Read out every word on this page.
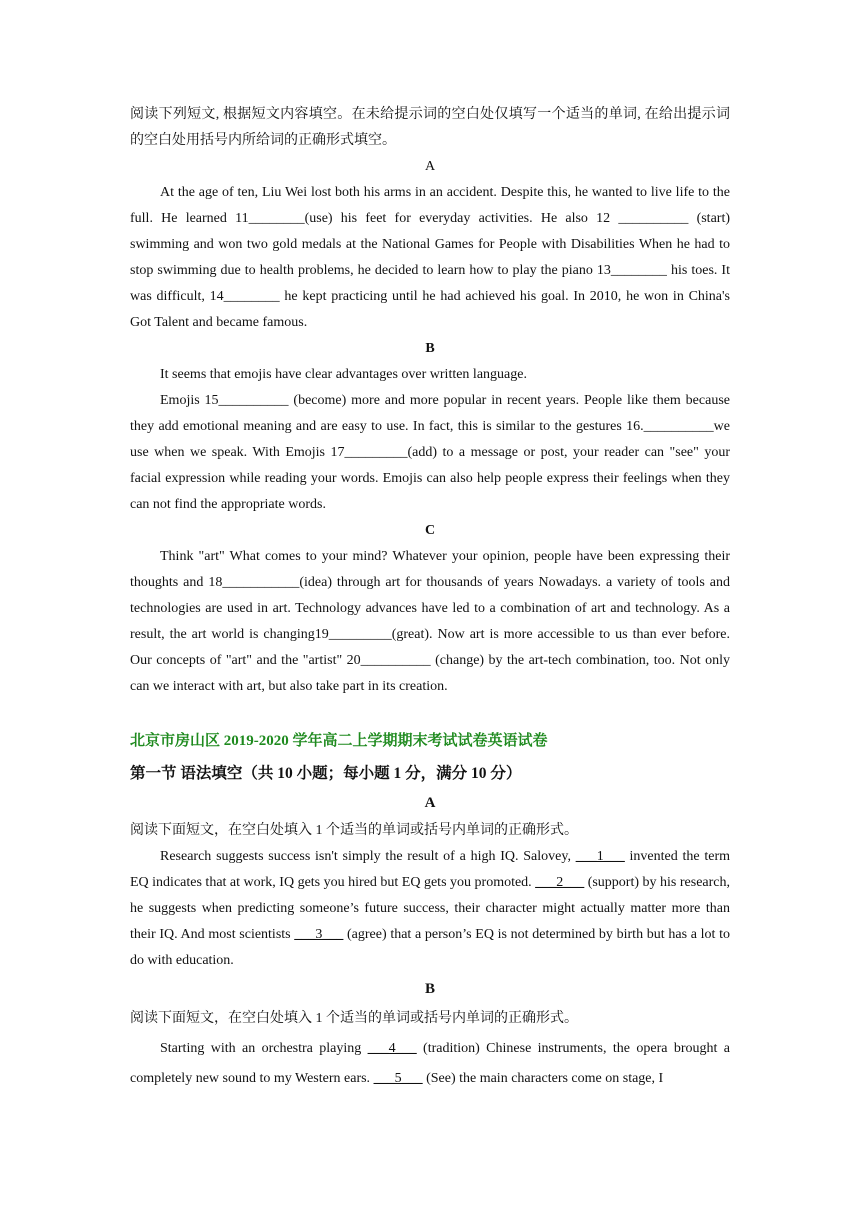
阅读下列短文, 根据短文内容填空。在未给提示词的空白处仅填写一个适当的单词, 在给出提示词的空白处用括号内所给词的正确形式填空。

A

At the age of ten, Liu Wei lost both his arms in an accident. Despite this, he wanted to live life to the full. He learned 11________(use) his feet for everyday activities. He also 12 __________ (start) swimming and won two gold medals at the National Games for People with Disabilities When he had to stop swimming due to health problems, he decided to learn how to play the piano 13________ his toes. It was difficult, 14________ he kept practicing until he had achieved his goal. In 2010, he won in China's Got Talent and became famous.

B

It seems that emojis have clear advantages over written language.

Emojis 15__________ (become) more and more popular in recent years. People like them because they add emotional meaning and are easy to use. In fact, this is similar to the gestures 16.__________we use when we speak. With Emojis 17_________(add) to a message or post, your reader can "see" your facial expression while reading your words. Emojis can also help people express their feelings when they can not find the appropriate words.

C

Think "art" What comes to your mind? Whatever your opinion, people have been expressing their thoughts and 18___________(idea) through art for thousands of years Nowadays. a variety of tools and technologies are used in art. Technology advances have led to a combination of art and technology. As a result, the art world is changing19_________(great). Now art is more accessible to us than ever before. Our concepts of "art" and the "artist" 20__________ (change) by the art-tech combination, too. Not only can we interact with art, but also take part in its creation.

北京市房山区 2019-2020 学年高二上学期期末考试试卷英语试卷
第一节 语法填空（共 10 小题；每小题 1 分，满分 10 分）
A

阅读下面短文，在空白处填入 1 个适当的单词或括号内单词的正确形式。

Research suggests success isn't simply the result of a high IQ. Salovey, ___1___ invented the term EQ indicates that at work, IQ gets you hired but EQ gets you promoted. ___2___ (support) by his research, he suggests when predicting someone’s future success, their character might actually matter more than their IQ. And most scientists ___3___ (agree) that a person’s EQ is not determined by birth but has a lot to do with education.

B

阅读下面短文，在空白处填入 1 个适当的单词或括号内单词的正确形式。

Starting with an orchestra playing ___4___ (tradition) Chinese instruments, the opera brought a completely new sound to my Western ears. ___5___ (See) the main characters come on stage, I
